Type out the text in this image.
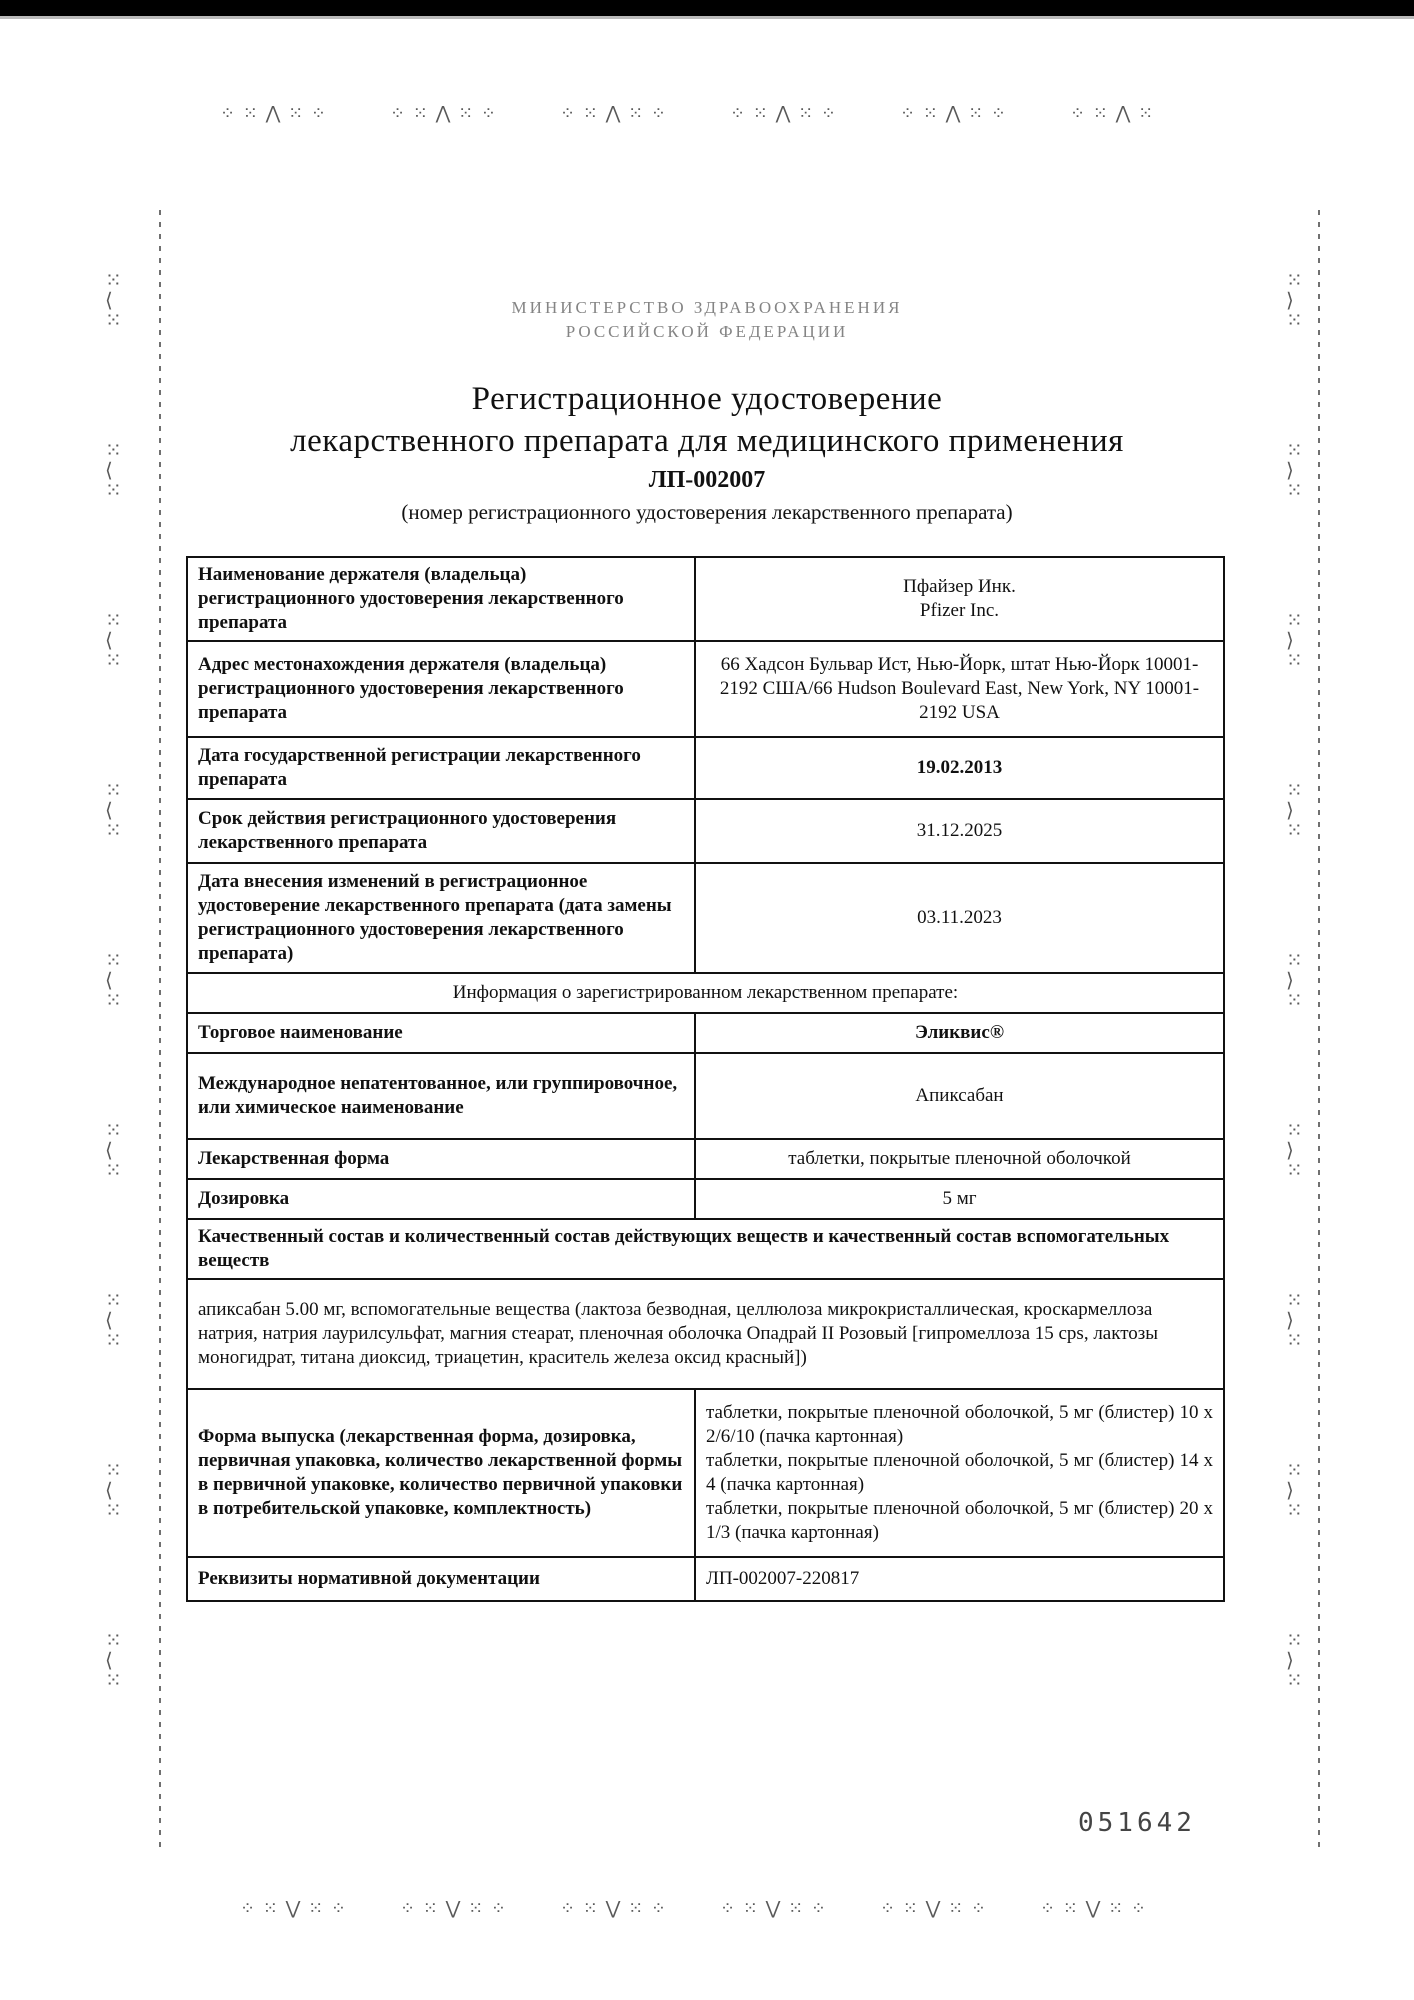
⁘ ⁙ ⋀ ⁙ ⁘	⁘ ⁙ ⋀ ⁙ ⁘	⁘ ⁙ ⋀ ⁙ ⁘	⁘ ⁙ ⋀ ⁙ ⁘	⁘ ⁙ ⋀ ⁙ ⁘	⁘ ⁙ ⋀ ⁙
⁘ ⁙ ⋁ ⁙ ⁘	⁘ ⁙ ⋁ ⁙ ⁘	⁘ ⁙ ⋁ ⁙ ⁘	⁘ ⁙ ⋁ ⁙ ⁘	⁘ ⁙ ⋁ ⁙ ⁘	⁘ ⁙ ⋁ ⁙ ⁘
⁙
⟨
⁙
⁙
⟨
⁙
⁙
⟨
⁙
⁙
⟨
⁙
⁙
⟨
⁙
⁙
⟨
⁙
⁙
⟨
⁙
⁙
⟨
⁙
⁙
⟨
⁙
⁙
⟩
⁙
⁙
⟩
⁙
⁙
⟩
⁙
⁙
⟩
⁙
⁙
⟩
⁙
⁙
⟩
⁙
⁙
⟩
⁙
⁙
⟩
⁙
⁙
⟩
⁙
МИНИСТЕРСТВО ЗДРАВООХРАНЕНИЯ
РОССИЙСКОЙ ФЕДЕРАЦИИ
Регистрационное удостоверение
лекарственного препарата для медицинского применения
ЛП-002007
(номер регистрационного удостоверения лекарственного препарата)
Наименование держателя (владельца) регистрационного удостоверения лекарственного препарата	Пфайзер Инк.
Pfizer Inc.

Адрес местонахождения держателя (владельца) регистрационного удостоверения лекарственного препарата	66 Хадсон Бульвар Ист, Нью-Йорк, штат Нью-Йорк 10001-2192 США/66 Hudson Boulevard East, New York, NY 10001-2192 USA
Дата государственной регистрации лекарственного препарата	19.02.2013
Срок действия регистрационного удостоверения лекарственного препарата	31.12.2025
Дата внесения изменений в регистрационное удостоверение лекарственного препарата (дата замены регистрационного удостоверения лекарственного препарата)	03.11.2023
Информация о зарегистрированном лекарственном препарате:	
Торговое наименование	Эликвис®
Международное непатентованное, или группировочное, или химическое наименование	Апиксабан
Лекарственная форма	таблетки, покрытые пленочной оболочкой
Дозировка	5 мг
Качественный состав и количественный состав действующих веществ и качественный состав вспомогательных веществ	
апиксабан 5.00 мг, вспомогательные вещества (лактоза безводная, целлюлоза микрокристаллическая, кроскармеллоза натрия, натрия лаурилсульфат, магния стеарат, пленочная оболочка Опадрай II Розовый [гипромеллоза 15 cps, лактозы моногидрат, титана диоксид, триацетин, краситель железа оксид красный])	
Форма выпуска (лекарственная форма, дозировка, первичная упаковка, количество лекарственной формы в первичной упаковке, количество первичной упаковки в потребительской упаковке, комплектность)	таблетки, покрытые пленочной оболочкой, 5 мг (блистер) 10 x 2/6/10 (пачка картонная)
таблетки, покрытые пленочной оболочкой, 5 мг (блистер) 14 x 4 (пачка картонная)
таблетки, покрытые пленочной оболочкой, 5 мг (блистер) 20 x 1/3 (пачка картонная)

Реквизиты нормативной документации	ЛП-002007-220817
051642
